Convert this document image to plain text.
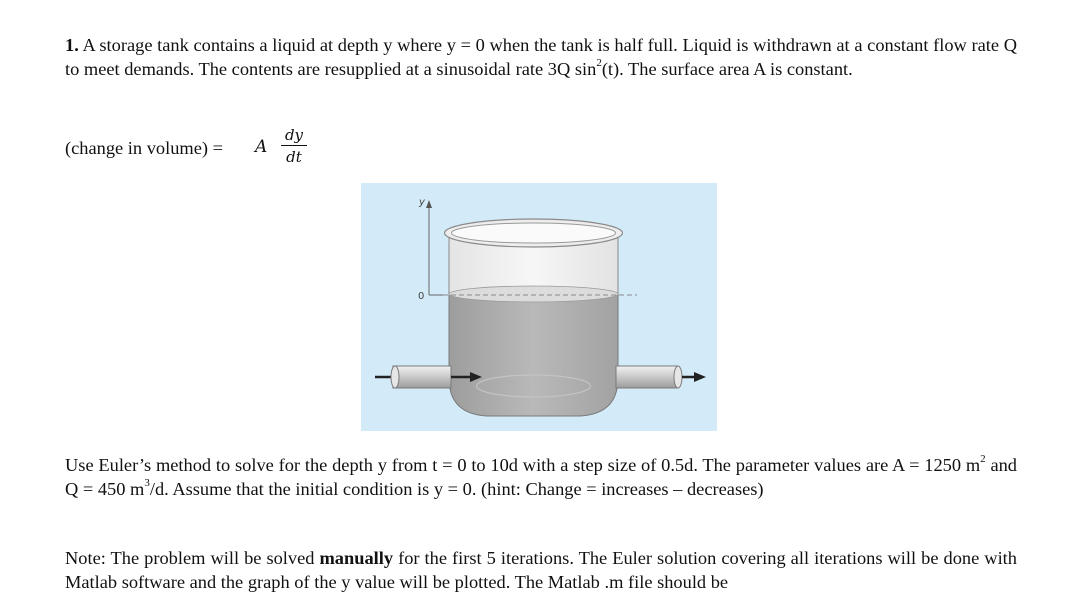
1. A storage tank contains a liquid at depth y where y = 0 when the tank is half full. Liquid is withdrawn at a constant flow rate Q to meet demands. The contents are resupplied at a sinusoidal rate 3Q $\sin^2(t)$. The surface area A is constant.

(change in volume) = A
dy
dt
y
0

Use Euler’s method to solve for the depth y from t = 0 to 10d with a step size of 0.5d. The parameter values are A = 1250 $m^2$ and Q = 450 $m^3/d$. Assume that the initial condition is y = 0. (hint: Change = increases – decreases)

Note: The problem will be solved manually for the first 5 iterations. The Euler solution covering all iterations will be done with Matlab software and the graph of the y value will be plotted. The Matlab .m file should be
